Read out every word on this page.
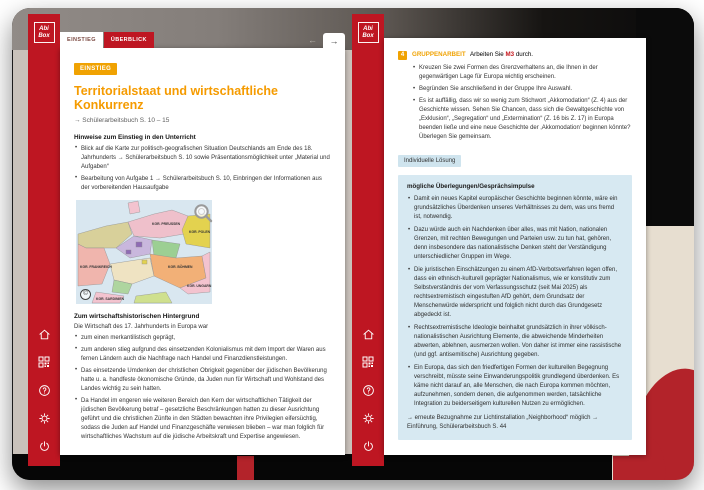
Abi
Box
EINSTIEG	ÜBERBLICK	←	→
EINSTIEG
Territorialstaat und wirtschaftliche Konkurrenz
→ Schülerarbeitsbuch S. 10 – 15
Hinweise zum Einstieg in den Unterricht
• Blick auf die Karte zur politisch-geografischen Situation Deutschlands am Ende des 18. Jahrhunderts → Schülerarbeitsbuch S. 10 sowie Präsentationsmöglichkeit unter „Material und Aufgaben“
• Bearbeitung von Aufgabe 1 → Schülerarbeitsbuch S. 10, Einbringen der Informationen aus der vorbereitenden Hausaufgabe
KGR. PREUSSEN
KGR. POLEN
KGR. BÖHMEN
KGR. FRANKREICH
KGR. SARDINIEN
KGR. UNGARN
©
Zum wirtschaftshistorischen Hintergrund

Die Wirtschaft des 17. Jahrhunderts in Europa war

• zum einen merkantilistisch geprägt,
• zum anderen stieg aufgrund des einsetzenden Kolonialismus mit dem Import der Waren aus fernen Ländern auch die Nachfrage nach Handel und Finanzdienstleistungen.
• Das einsetzende Umdenken der christlichen Obrigkeit gegenüber der jüdischen Bevölkerung hatte u. a. handfeste ökonomische Gründe, da Juden nun für Wirtschaft und Wohlstand des Landes wichtig zu sein hatten.
• Da Handel im engeren wie weiteren Bereich den Kern der wirtschaftlichen Tätigkeit der jüdischen Bevölkerung betraf – gesetzliche Beschränkungen hatten zu dieser Ausrichtung geführt und die christlichen Zünfte in den Städten bewachten ihre Privilegien eifersüchtig, sodass die Juden auf Handel und Finanzgeschäfte verwiesen blieben – war man folglich für wirtschaftliches Wachstum auf die jüdische Arbeitskraft und Expertise angewiesen.
Abi
Box
4	GRUPPENARBEIT Arbeiten Sie M3 durch.
• Kreuzen Sie zwei Formen des Grenzverhaltens an, die Ihnen in der gegenwärtigen Lage für Europa wichtig erscheinen.
• Begründen Sie anschließend in der Gruppe Ihre Auswahl.
• Es ist auffällig, dass wir so wenig zum Stichwort „Akkomodation“ (Z. 4) aus der Geschichte wissen. Sehen Sie Chancen, dass sich die Gewaltgeschichte von „Exklusion“, „Segregation“ und „Extermination“ (Z. 16 bis Z. 17) in Europa beenden ließe und eine neue Geschichte der ‚Akkomodation‘ beginnen könnte? Überlegen Sie gemeinsam.
Individuelle Lösung
mögliche Überlegungen/Gesprächsimpulse
• Damit ein neues Kapitel europäischer Geschichte beginnen könnte, wäre ein grundsätzliches Überdenken unseres Verhältnisses zu dem, was uns fremd ist, notwendig.
• Dazu würde auch ein Nachdenken über alles, was mit Nation, nationalen Grenzen, mit rechten Bewegungen und Parteien usw. zu tun hat, gehören, denn insbesondere das nationalistische Denken steht der Verständigung unterschiedlicher Gruppen im Wege.
• Die juristischen Einschätzungen zu einem AfD-Verbotsverfahren legen offen, dass ein ethnisch-kulturell geprägter Nationalismus, wie er konstitutiv zum Selbstverständnis der vom Verfassungsschutz (seit Mai 2025) als rechtsextremistisch eingestuften AfD gehört, dem Grundsatz der Menschenwürde widerspricht und folglich nicht durch das Grundgesetz abgedeckt ist.
• Rechtsextremistische Ideologie beinhaltet grundsätzlich in ihrer völkisch-nationalistischen Ausrichtung Elemente, die abweichende Minderheiten abwerten, ablehnen, ausmerzen wollen. Von daher ist immer eine rassistische (und ggf. antisemitische) Ausrichtung gegeben.
• Ein Europa, das sich den friedfertigen Formen der kulturellen Begegnung verschreibt, müsste seine Einwanderungspolitik grundlegend überdenken. Es käme nicht darauf an, alle Menschen, die nach Europa kommen möchten, aufzunehmen, sondern denen, die aufgenommen werden, tatsächliche Integration zu beiderseitigem kulturellen Nutzen zu ermöglichen.
→ erneute Bezugnahme zur Lichtinstallation „Neighborhood“ möglich → Einführung, Schülerarbeitsbuch S. 44
